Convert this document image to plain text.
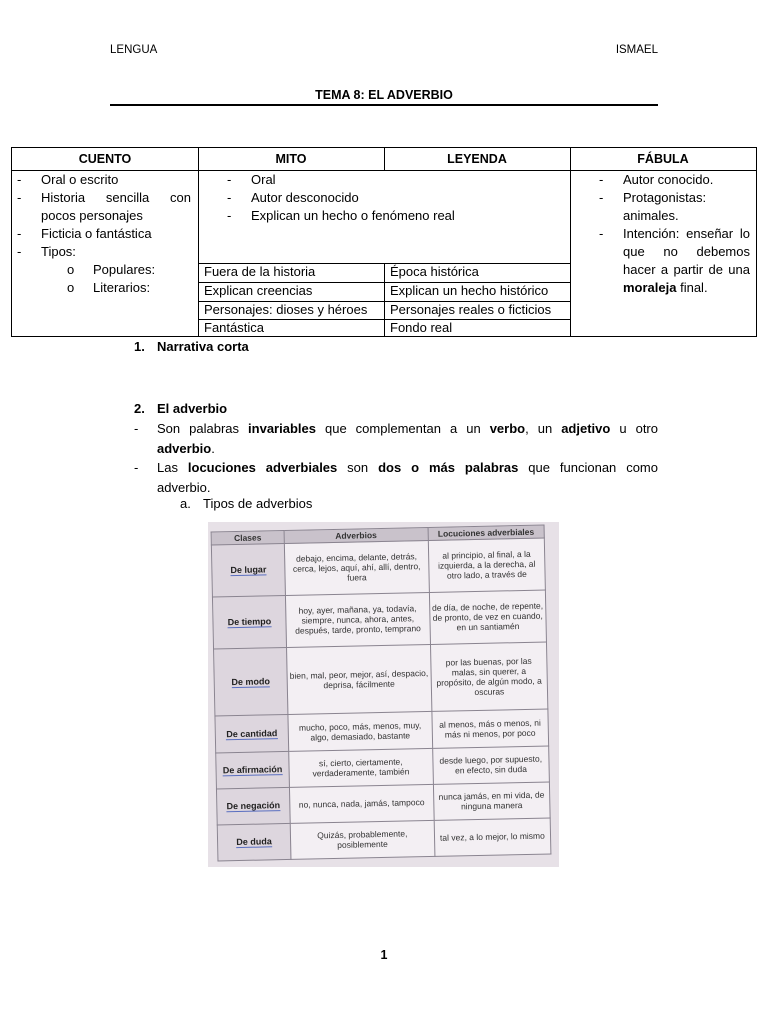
LENGUA	ISMAEL
TEMA 8: EL ADVERBIO
CUENTO	MITO	LEYENDA	FÁBULA
- Oral o escrito
- Historia sencilla con pocos personajes
- Ficticia o fantástica
- Tipos:
o Populares:
o Literarios:
- Oral
- Autor desconocido
- Explican un hecho o fenómeno real
Fuera de la historia	Época histórica
Explican creencias	Explican un hecho histórico
Personajes: dioses y héroes	Personajes reales o ficticios
Fantástica	Fondo real
- Autor conocido.
- Protagonistas: animales.
- Intención: enseñar lo que no debemos hacer a partir de una moraleja final.
1. Narrativa corta
2. El adverbio
- Son palabras invariables que complementan a un verbo, un adjetivo u otro
adverbio.
- Las locuciones adverbiales son dos o más palabras que funcionan como
adverbio.
a. Tipos de adverbios
Clases	Adverbios	Locuciones adverbiales
De lugar	debajo, encima, delante, detrás, cerca, lejos, aquí, ahí, allí, dentro, fuera	al principio, al final, a la izquierda, a la derecha, al otro lado, a través de
De tiempo	hoy, ayer, mañana, ya, todavía, siempre, nunca, ahora, antes, después, tarde, pronto, temprano	de día, de noche, de repente, de pronto, de vez en cuando, en un santiamén
De modo	bien, mal, peor, mejor, así, despacio, deprisa, fácilmente	por las buenas, por las malas, sin querer, a propósito, de algún modo, a oscuras
De cantidad	mucho, poco, más, menos, muy, algo, demasiado, bastante	al menos, más o menos, ni más ni menos, por poco
De afirmación	sí, cierto, ciertamente, verdaderamente, también	desde luego, por supuesto, en efecto, sin duda
De negación	no, nunca, nada, jamás, tampoco	nunca jamás, en mi vida, de ninguna manera
De duda	Quizás, probablemente, posiblemente	tal vez, a lo mejor, lo mismo
1
